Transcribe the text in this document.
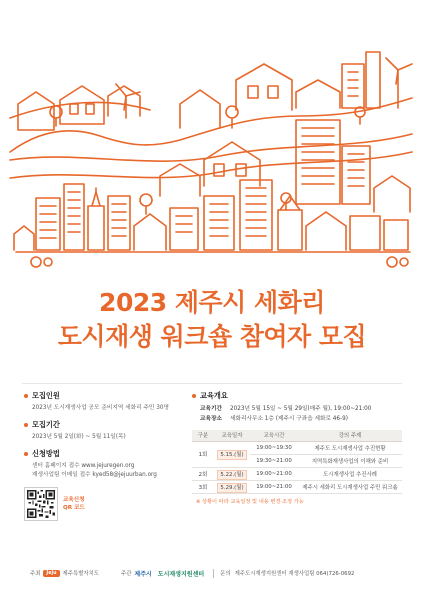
2023 제주시 세화리
도시재생 워크숍 참여자 모집
모집인원
2023년 도시재생사업 공모 준비지역 세화리 주민 30명
모집기간
2023년 5월 2일(화) ~ 5월 11일(목)
신청방법
센터 홈페이지 접수 www.jejuregen.org
재생사업팀 이메일 접수 kyed58@jejuurban.org
교육신청
QR 코드
교육개요
교육기간	2023년 5월 15일 ~ 5월 29일(매주 월), 19:00~21:00
교육장소	세화리사무소 1층 (제주시 구좌읍 세화로 46-9)
구분	교육일자	교육시간	강의 주제
1회	5.15.(월)	19:00~19:30	제주도 도시재생사업 추진현황
		19:30~21:00	지역특화재생사업의 이해와 준비
2회	5.22.(월)	19:00~21:00	도시재생사업 추진사례
3회	5.29.(월)	19:00~21:00	제주시 세화리 도시재생사업 주민 워크숍
※ 상황이 따라 교육일정 및 내용 변경·조정 가능
주최	Jeju	제주특별자치도	주관 제주시 도시재생지원센터	문의 제주도시재생지원센터 재생사업팀 064)726-0692
